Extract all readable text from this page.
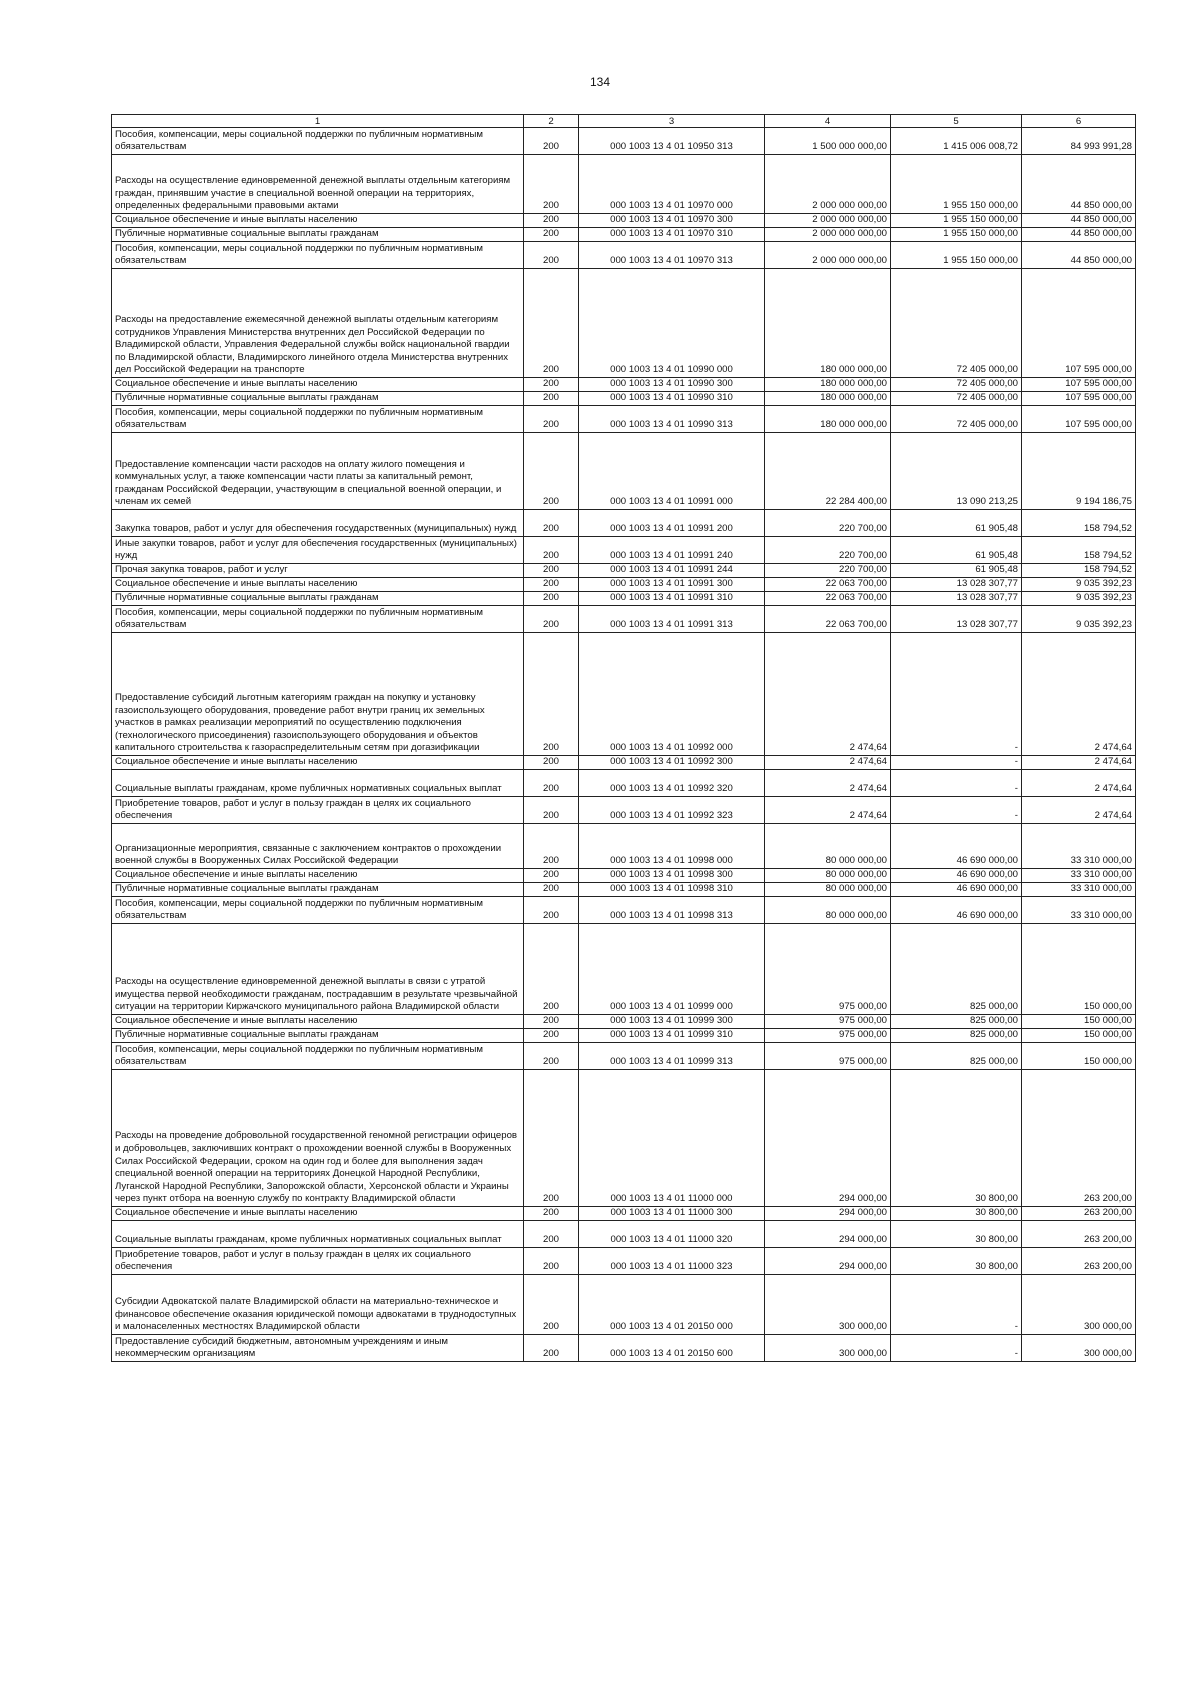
134
1	2	3	4	5	6
Пособия, компенсации, меры социальной поддержки по публичным нормативным обязательствам	200	000 1003 13 4 01 10950 313	1 500 000 000,00	1 415 006 008,72	84 993 991,28
Расходы на осуществление единовременной денежной выплаты отдельным категориям граждан, принявшим участие в специальной военной операции на территориях, определенных федеральными правовыми актами	200	000 1003 13 4 01 10970 000	2 000 000 000,00	1 955 150 000,00	44 850 000,00
Социальное обеспечение и иные выплаты населению	200	000 1003 13 4 01 10970 300	2 000 000 000,00	1 955 150 000,00	44 850 000,00
Публичные нормативные социальные выплаты гражданам	200	000 1003 13 4 01 10970 310	2 000 000 000,00	1 955 150 000,00	44 850 000,00
Пособия, компенсации, меры социальной поддержки по публичным нормативным обязательствам	200	000 1003 13 4 01 10970 313	2 000 000 000,00	1 955 150 000,00	44 850 000,00
Расходы на предоставление ежемесячной денежной выплаты отдельным категориям сотрудников Управления Министерства внутренних дел Российской Федерации по Владимирской области, Управления Федеральной службы войск национальной гвардии по Владимирской области, Владимирского линейного отдела Министерства внутренних дел Российской Федерации на транспорте	200	000 1003 13 4 01 10990 000	180 000 000,00	72 405 000,00	107 595 000,00
Социальное обеспечение и иные выплаты населению	200	000 1003 13 4 01 10990 300	180 000 000,00	72 405 000,00	107 595 000,00
Публичные нормативные социальные выплаты гражданам	200	000 1003 13 4 01 10990 310	180 000 000,00	72 405 000,00	107 595 000,00
Пособия, компенсации, меры социальной поддержки по публичным нормативным обязательствам	200	000 1003 13 4 01 10990 313	180 000 000,00	72 405 000,00	107 595 000,00
Предоставление компенсации части расходов на оплату жилого помещения и коммунальных услуг, а также компенсации части платы за капитальный ремонт, гражданам Российской Федерации, участвующим в специальной военной операции, и членам их семей	200	000 1003 13 4 01 10991 000	22 284 400,00	13 090 213,25	9 194 186,75
Закупка товаров, работ и услуг для обеспечения государственных (муниципальных) нужд	200	000 1003 13 4 01 10991 200	220 700,00	61 905,48	158 794,52
Иные закупки товаров, работ и услуг для обеспечения государственных (муниципальных) нужд	200	000 1003 13 4 01 10991 240	220 700,00	61 905,48	158 794,52
Прочая закупка товаров, работ и услуг	200	000 1003 13 4 01 10991 244	220 700,00	61 905,48	158 794,52
Социальное обеспечение и иные выплаты населению	200	000 1003 13 4 01 10991 300	22 063 700,00	13 028 307,77	9 035 392,23
Публичные нормативные социальные выплаты гражданам	200	000 1003 13 4 01 10991 310	22 063 700,00	13 028 307,77	9 035 392,23
Пособия, компенсации, меры социальной поддержки по публичным нормативным обязательствам	200	000 1003 13 4 01 10991 313	22 063 700,00	13 028 307,77	9 035 392,23
Предоставление субсидий льготным категориям граждан на покупку и установку газоиспользующего оборудования, проведение работ внутри границ их земельных участков в рамках реализации мероприятий по осуществлению подключения (технологического присоединения) газоиспользующего оборудования и объектов капитального строительства к газораспределительным сетям при догазификации	200	000 1003 13 4 01 10992 000	2 474,64	-	2 474,64
Социальное обеспечение и иные выплаты населению	200	000 1003 13 4 01 10992 300	2 474,64	-	2 474,64
Социальные выплаты гражданам, кроме публичных нормативных социальных выплат	200	000 1003 13 4 01 10992 320	2 474,64	-	2 474,64
Приобретение товаров, работ и услуг в пользу граждан в целях их социального обеспечения	200	000 1003 13 4 01 10992 323	2 474,64	-	2 474,64
Организационные мероприятия, связанные с заключением контрактов о прохождении военной службы в Вооруженных Силах Российской Федерации	200	000 1003 13 4 01 10998 000	80 000 000,00	46 690 000,00	33 310 000,00
Социальное обеспечение и иные выплаты населению	200	000 1003 13 4 01 10998 300	80 000 000,00	46 690 000,00	33 310 000,00
Публичные нормативные социальные выплаты гражданам	200	000 1003 13 4 01 10998 310	80 000 000,00	46 690 000,00	33 310 000,00
Пособия, компенсации, меры социальной поддержки по публичным нормативным обязательствам	200	000 1003 13 4 01 10998 313	80 000 000,00	46 690 000,00	33 310 000,00
Расходы на осуществление единовременной денежной выплаты в связи с утратой имущества первой необходимости гражданам, пострадавшим в результате чрезвычайной ситуации на территории Киржачского муниципального района Владимирской области	200	000 1003 13 4 01 10999 000	975 000,00	825 000,00	150 000,00
Социальное обеспечение и иные выплаты населению	200	000 1003 13 4 01 10999 300	975 000,00	825 000,00	150 000,00
Публичные нормативные социальные выплаты гражданам	200	000 1003 13 4 01 10999 310	975 000,00	825 000,00	150 000,00
Пособия, компенсации, меры социальной поддержки по публичным нормативным обязательствам	200	000 1003 13 4 01 10999 313	975 000,00	825 000,00	150 000,00
Расходы на проведение добровольной государственной геномной регистрации офицеров и добровольцев, заключивших контракт о прохождении военной службы в Вооруженных Силах Российской Федерации, сроком на один год и более для выполнения задач специальной военной операции на территориях Донецкой Народной Республики, Луганской Народной Республики, Запорожской области, Херсонской области и Украины через пункт отбора на военную службу по контракту Владимирской области	200	000 1003 13 4 01 11000 000	294 000,00	30 800,00	263 200,00
Социальное обеспечение и иные выплаты населению	200	000 1003 13 4 01 11000 300	294 000,00	30 800,00	263 200,00
Социальные выплаты гражданам, кроме публичных нормативных социальных выплат	200	000 1003 13 4 01 11000 320	294 000,00	30 800,00	263 200,00
Приобретение товаров, работ и услуг в пользу граждан в целях их социального обеспечения	200	000 1003 13 4 01 11000 323	294 000,00	30 800,00	263 200,00
Субсидии Адвокатской палате Владимирской области на материально-техническое и финансовое обеспечение оказания юридической помощи адвокатами в труднодоступных и малонаселенных местностях Владимирской области	200	000 1003 13 4 01 20150 000	300 000,00	-	300 000,00
Предоставление субсидий бюджетным, автономным учреждениям и иным некоммерческим организациям	200	000 1003 13 4 01 20150 600	300 000,00	-	300 000,00
